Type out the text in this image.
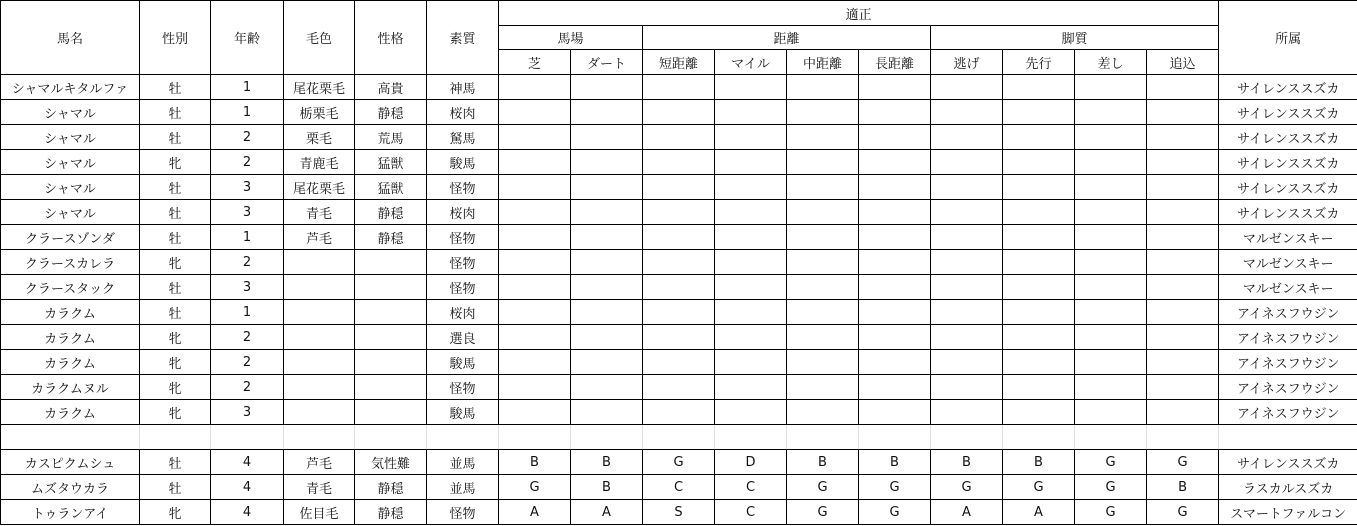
馬名	性別	年齢	毛色	性格	素質	適正										所属
						馬場		距離				脚質				
						芝	ダート	短距離	マイル	中距離	長距離	逃げ	先行	差し	追込	
シャマルキタルファ	牡	1	尾花栗毛	高貴	神馬											サイレンススズカ
シャマル	牡	1	栃栗毛	静穏	桜肉											サイレンススズカ
シャマル	牡	2	栗毛	荒馬	駑馬											サイレンススズカ
シャマル	牝	2	青鹿毛	猛獣	駿馬											サイレンススズカ
シャマル	牡	3	尾花栗毛	猛獣	怪物											サイレンススズカ
シャマル	牡	3	青毛	静穏	桜肉											サイレンススズカ
クラースゾンダ	牡	1	芦毛	静穏	怪物											マルゼンスキー
クラースカレラ	牝	2			怪物											マルゼンスキー
クラースタック	牡	3			怪物											マルゼンスキー
カラクム	牡	1			桜肉											アイネスフウジン
カラクム	牝	2			選良											アイネスフウジン
カラクム	牝	2			駿馬											アイネスフウジン
カラクムヌル	牝	2			怪物											アイネスフウジン
カラクム	牝	3			駿馬											アイネスフウジン

カスピクムシュ	牡	4	芦毛	気性難	並馬	B	B	G	D	B	B	B	B	G	G	サイレンススズカ
ムズタウカラ	牡	4	青毛	静穏	並馬	G	B	C	C	G	G	G	G	G	B	ラスカルスズカ
トゥランアイ	牝	4	佐目毛	静穏	怪物	A	A	S	C	G	G	A	A	G	G	スマートファルコン
